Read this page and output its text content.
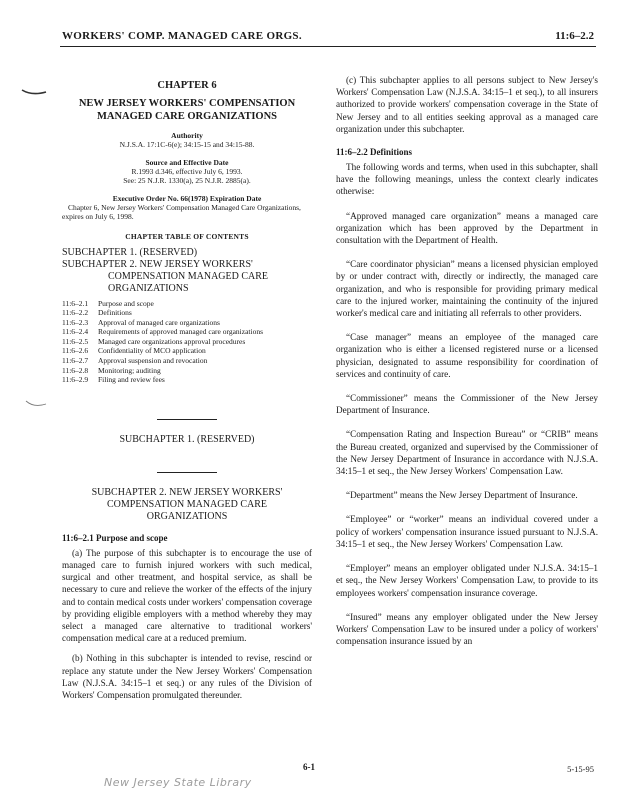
WORKERS' COMP. MANAGED CARE ORGS.	11:6–2.2

CHAPTER 6

NEW JERSEY WORKERS' COMPENSATION MANAGED CARE ORGANIZATIONS

Authority

N.J.S.A. 17:1C-6(e); 34:15-15 and 34:15-88.

Source and Effective Date

R.1993 d.346, effective July 6, 1993.

See: 25 N.J.R. 1330(a), 25 N.J.R. 2885(a).

Executive Order No. 66(1978) Expiration Date

Chapter 6, New Jersey Workers' Compensation Managed Care Organizations, expires on July 6, 1998.

CHAPTER TABLE OF CONTENTS

SUBCHAPTER 1. (RESERVED)

SUBCHAPTER 2. NEW JERSEY WORKERS'

COMPENSATION MANAGED CARE

ORGANIZATIONS

11:6–2.1	Purpose and scope
11:6–2.2	Definitions
11:6–2.3	Approval of managed care organizations
11:6–2.4	Requirements of approved managed care organizations
11:6–2.5	Managed care organizations approval procedures
11:6–2.6	Confidentiality of MCO application
11:6–2.7	Approval suspension and revocation
11:6–2.8	Monitoring; auditing
11:6–2.9	Filing and review fees

SUBCHAPTER 1. (RESERVED)

SUBCHAPTER 2. NEW JERSEY WORKERS'

COMPENSATION MANAGED CARE

ORGANIZATIONS

11:6–2.1 Purpose and scope

(a) The purpose of this subchapter is to encourage the use of managed care to furnish injured workers with such medical, surgical and other treatment, and hospital service, as shall be necessary to cure and relieve the worker of the effects of the injury and to contain medical costs under workers' compensation coverage by providing eligible employers with a method whereby they may select a managed care alternative to traditional workers' compensation medical care at a reduced premium.

(b) Nothing in this subchapter is intended to revise, rescind or replace any statute under the New Jersey Workers' Compensation Law (N.J.S.A. 34:15–1 et seq.) or any rules of the Division of Workers' Compensation promulgated thereunder.

(c) This subchapter applies to all persons subject to New Jersey's Workers' Compensation Law (N.J.S.A. 34:15–1 et seq.), to all insurers authorized to provide workers' compensation coverage in the State of New Jersey and to all entities seeking approval as a managed care organization under this subchapter.

11:6–2.2 Definitions

The following words and terms, when used in this subchapter, shall have the following meanings, unless the context clearly indicates otherwise:

“Approved managed care organization” means a managed care organization which has been approved by the Department in consultation with the Department of Health.

“Care coordinator physician” means a licensed physician employed by or under contract with, directly or indirectly, the managed care organization, and who is responsible for providing primary medical care to the injured worker, maintaining the continuity of the injured worker's medical care and initiating all referrals to other providers.

“Case manager” means an employee of the managed care organization who is either a licensed registered nurse or a licensed physician, designated to assume responsibility for coordination of services and continuity of care.

“Commissioner” means the Commissioner of the New Jersey Department of Insurance.

“Compensation Rating and Inspection Bureau” or “CRIB” means the Bureau created, organized and supervised by the Commissioner of the New Jersey Department of Insurance in accordance with N.J.S.A. 34:15–1 et seq., the New Jersey Workers' Compensation Law.

“Department” means the New Jersey Department of Insurance.

“Employee” or “worker” means an individual covered under a policy of workers' compensation insurance issued pursuant to N.J.S.A. 34:15–1 et seq., the New Jersey Workers' Compensation Law.

“Employer” means an employer obligated under N.J.S.A. 34:15–1 et seq., the New Jersey Workers' Compensation Law, to provide to its employees workers' compensation insurance coverage.

“Insured” means any employer obligated under the New Jersey Workers' Compensation Law to be insured under a policy of workers' compensation insurance issued by an

6-1	5-15-95
New Jersey State Library
